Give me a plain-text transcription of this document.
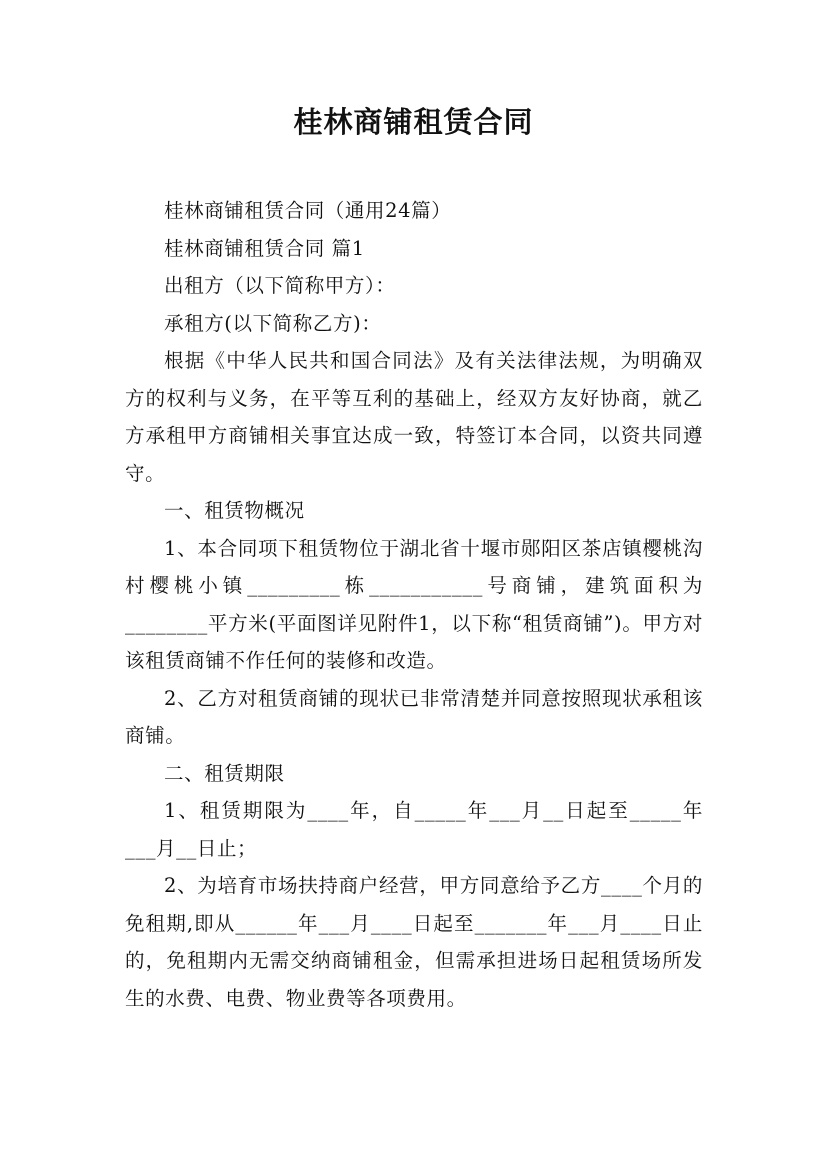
桂林商铺租赁合同

桂林商铺租赁合同（通用24篇）

桂林商铺租赁合同 篇1

出租方（以下简称甲方）：

承租方(以下简称乙方)：

根据《中华人民共和国合同法》及有关法律法规，为明确双方的权利与义务，在平等互利的基础上，经双方友好协商，就乙方承租甲方商铺相关事宜达成一致，特签订本合同，以资共同遵守。

一、租赁物概况

1、本合同项下租赁物位于湖北省十堰市郧阳区茶店镇樱桃沟村樱桃小镇_________栋___________号商铺，建筑面积为________平方米(平面图详见附件1，以下称“租赁商铺”)。甲方对该租赁商铺不作任何的装修和改造。

2、乙方对租赁商铺的现状已非常清楚并同意按照现状承租该商铺。

二、租赁期限

1、租赁期限为____年，自_____年___月__日起至_____年___月__日止；

2、为培育市场扶持商户经营，甲方同意给予乙方____个月的免租期,即从______年___月____日起至_______年___月____日止的，免租期内无需交纳商铺租金，但需承担进场日起租赁场所发生的水费、电费、物业费等各项费用。
